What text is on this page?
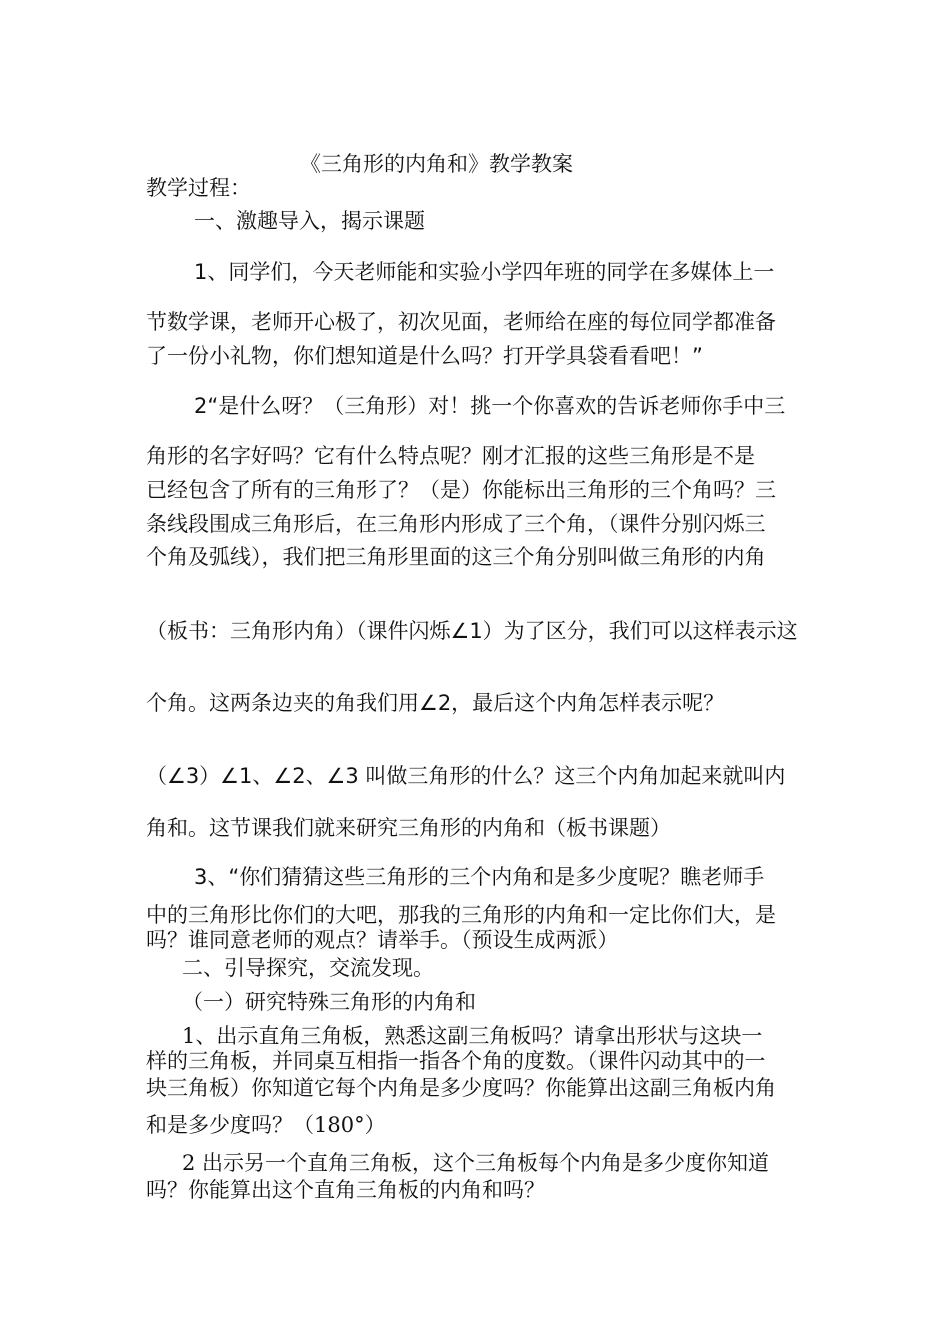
《三角形的内角和》教学教案
教学过程：
一、激趣导入，揭示课题
1、同学们，今天老师能和实验小学四年班的同学在多媒体上一
节数学课，老师开心极了，初次见面，老师给在座的每位同学都准备
了一份小礼物，你们想知道是什么吗？打开学具袋看看吧！”
2“是什么呀？（三角形）对！挑一个你喜欢的告诉老师你手中三
角形的名字好吗？它有什么特点呢？刚才汇报的这些三角形是不是
已经包含了所有的三角形了？（是）你能标出三角形的三个角吗？三
条线段围成三角形后，在三角形内形成了三个角，（课件分别闪烁三
个角及弧线），我们把三角形里面的这三个角分别叫做三角形的内角
（板书：三角形内角）（课件闪烁∠1）为了区分，我们可以这样表示这
个角。这两条边夹的角我们用∠2，最后这个内角怎样表示呢？
（∠3）∠1、∠2、∠3 叫做三角形的什么？这三个内角加起来就叫内
角和。这节课我们就来研究三角形的内角和（板书课题）
3、“你们猜猜这些三角形的三个内角和是多少度呢？瞧老师手
中的三角形比你们的大吧，那我的三角形的内角和一定比你们大，是
吗？谁同意老师的观点？请举手。（预设生成两派）
二、引导探究，交流发现。
（一）研究特殊三角形的内角和
1、出示直角三角板，熟悉这副三角板吗？请拿出形状与这块一
样的三角板，并同桌互相指一指各个角的度数。（课件闪动其中的一
块三角板）你知道它每个内角是多少度吗？你能算出这副三角板内角
和是多少度吗？（180°）
2 出示另一个直角三角板，这个三角板每个内角是多少度你知道
吗？你能算出这个直角三角板的内角和吗？
